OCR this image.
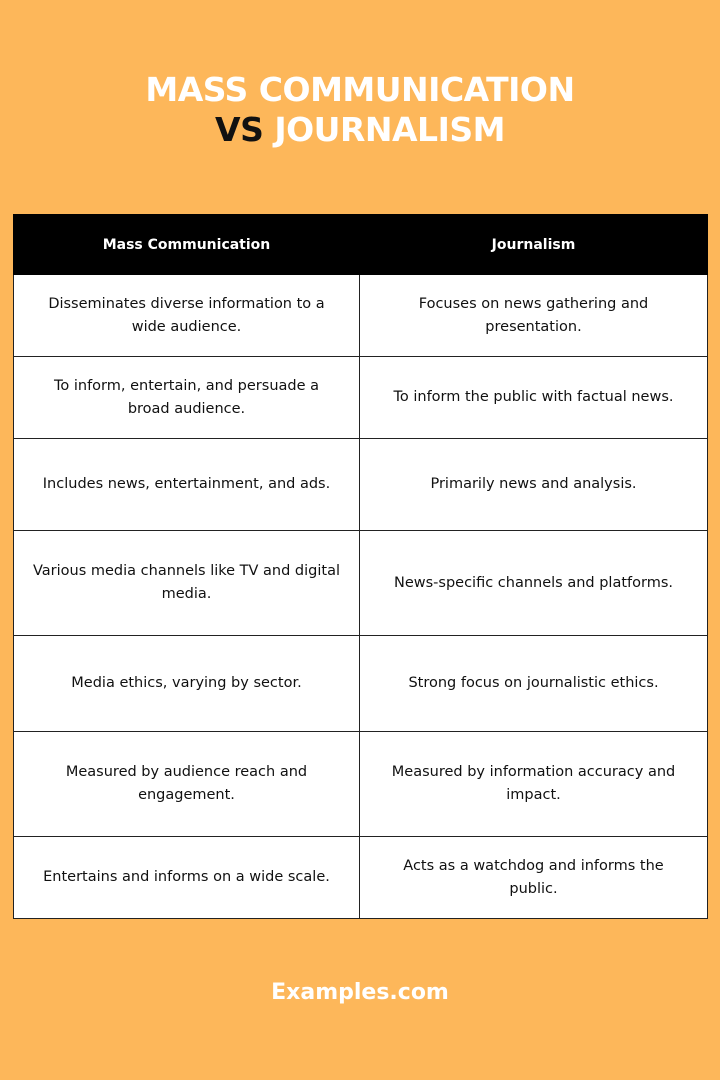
MASS COMMUNICATION
VS JOURNALISM
Mass Communication	Journalism
Disseminates diverse information to a wide audience.	Focuses on news gathering and presentation.
To inform, entertain, and persuade a broad audience.	To inform the public with factual news.
Includes news, entertainment, and ads.	Primarily news and analysis.
Various media channels like TV and digital media.	News-specific channels and platforms.
Media ethics, varying by sector.	Strong focus on journalistic ethics.
Measured by audience reach and engagement.	Measured by information accuracy and impact.
Entertains and informs on a wide scale.	Acts as a watchdog and informs the public.
Examples.com
